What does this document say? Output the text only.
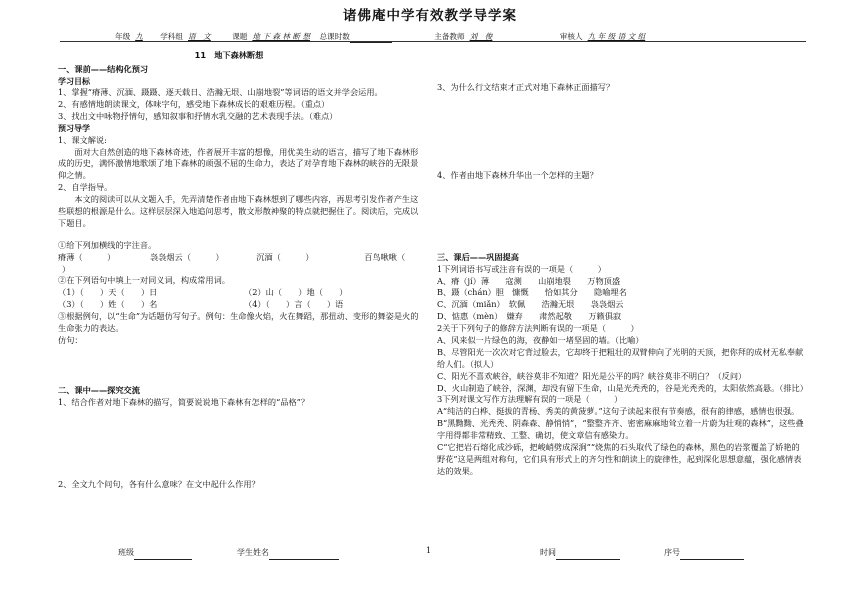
诸佛庵中学有效教学导学案
年级 九 学科组 语　文	课题 地 下 森 林 断 想 总课时数	主备教师 刘　俊	审核人 九 年 级 语 文 组

11　地下森林断想

一、课前——结构化预习

学习目标

1、掌握“瘠薄、沉湎、蹑蹑、逐天载日、浩瀚无垠、山崩地裂”等词语的语文并学会运用。

2、有感情地朗读课文，体味字句，感受地下森林成长的艰难历程。（重点）

3、找出文中咏物抒情句，感知叙事和抒情水乳交融的艺术表现手法。（难点）

预习导学

1、课文解说:

面对大自然创造的地下森林奇迹，作者展开丰富的想像，用优美生动的语言，描写了地下森林形成的历史，满怀激情地歌颂了地下森林的顽强不屈的生命力，表达了对孕育地下森林的峡谷的无限景仰之情。

2、自学指导。

本文的阅读可以从文题入手，先弄清楚作者由地下森林想到了哪些内容，再思考引发作者产生这些联想的根源是什么。这样层层深入地追问思考，散文形散神聚的特点就把握住了。阅读后，完成以下题目。

①给下列加横线的字注音。

瘠薄（　　　）	袅袅烟云（　　　）	沉湎（　　　）	百鸟啾啾（

）

②在下列语句中填上一对同义词，构成常用词。

（1）（　　）天（　　）日	（2）山（　　）地（　　）

（3）（　　）姓（　　）名	（4）（　　）言（　　）语

③根据例句，以“生命”为话题仿写句子。例句：生命像火焰，火在舞蹈，那扭动、变形的舞姿是火的生命张力的表达。

仿句：

二、课中——探究交流

1、结合作者对地下森林的描写，简要说说地下森林有怎样的“品格”？

2、全文九个问句，各有什么意味？在文中起什么作用？

3、为什么行文结束才正式对地下森林正面描写？

4、作者由地下森林升华出一个怎样的主题？

三、课后——巩固提高

1下列词语书写或注音有误的一项是（　　　）

A、瘠（jí）薄　　寇测　　山崩地裂　　万物顶盛

B、蹑（chán）胆　慷慨　　恰如其分　　隐喻埋名

C、沉湎（miǎn）　软佩　　浩瀚无垠　　袅袅烟云

D、惦惠（mèn）　嫌弃　　肃然起敬　　万籁俱寂

2关于下列句子的修辞方法判断有误的一项是（　　　）

A、风来似一片绿色的海，夜静如一堵坚固的墙。（比喻）

B、尽管阳光一次次对它背过脸去，它却终于把粗壮的双臂伸向了光明的天顶，把你拜的成材无私奉献给人们。（拟人）

C、阳光不喜欢峡谷，峡谷莫非不知道？阳光是公平的吗？峡谷莫非不明白？（反问）

D、火山制造了峡谷，深渊，却没有留下生命，山是光秃秃的，谷是光秃秃的，太阳依然高悬。（排比）

3下列对课文写作方法理解有误的一项是（　　　）

A“纯洁的白桦、挺拔的青杨、秀美的黄菠萝。”这句子读起来很有节奏感，很有韵律感，感情也很强。

B“黑黝黝、光秃秃、阴森森、静悄悄”，“整整齐齐、密密麻麻地耸立着一片蔚为壮观的森林”，这些叠字用得都非常精致、工整、确切，使文章信有感染力。

C“它把岩石熔化成沙砾，把峻峭劈成深涧”“烧焦的石头取代了绿色的森林，黑色的岩浆覆盖了娇艳的野花”这是两组对称句，它们具有形式上的齐匀性和朗读上的旋律性，起到深化思想意蕴，强化感情表达的效果。

班级	学生姓名	1	时间	序号
